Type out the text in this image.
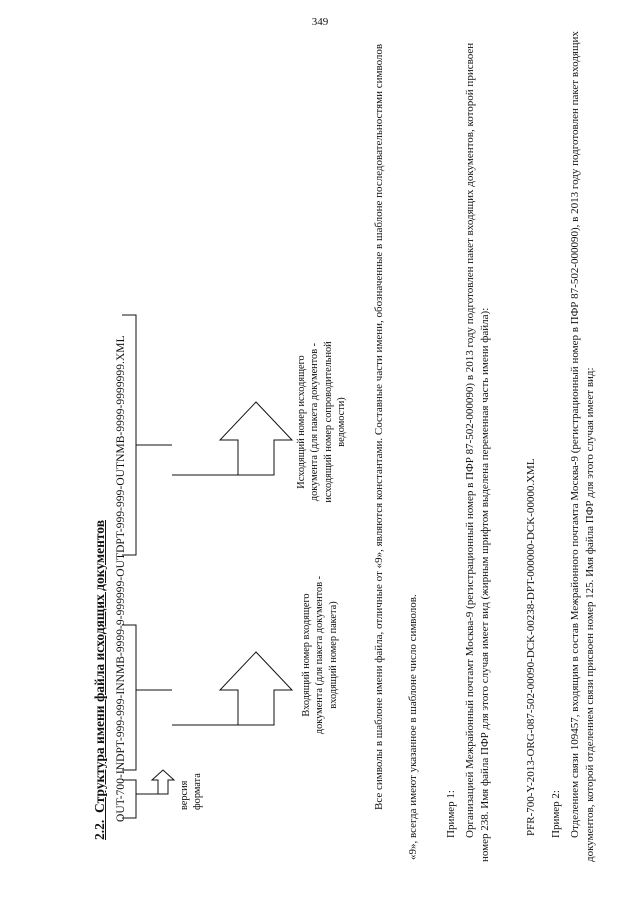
349
2.2.  Структура имени файла исходящих документов OUT-700-INDPT-999-999-INNMB-9999-9-999999-OUTDPT-999-999-OUTNMB-9999-9999999.XML	версия формата
Входящий номер входящего документа (для пакета документов - входящий номер пакета)
Исходящий номер исходящего документа (для пакета документов - исходящий номер сопроводительной ведомости)	Все символы в шаблоне имени файла, отличные от «9», являются константами. Составные части имени, обозначенные в шаблоне последовательностями символов «9», всегда имеют указанное в шаблоне число символов.	Пример 1: Организацией Межрайонный почтамт Москва-9 (регистрационный номер в ПФР 87-502-000090) в 2013 году подготовлен пакет входящих документов, которой присвоен номер 238. Имя файла ПФР для этого случая имеет вид (жирным шрифтом выделена переменная часть имени файла):	PFR-700-Y-2013-ORG-087-502-00090-DCK-00238-DPT-000000-DCK-00000.XML Пример 2: Отделением связи 109457, входящим в состав Межрайонного почтамта Москва-9 (регистрационный номер в ПФР 87-502-000090), в 2013 году подготовлен пакет входящих документов, которой отделением связи присвоен номер 125. Имя файла ПФР для этого случая имеет вид:
